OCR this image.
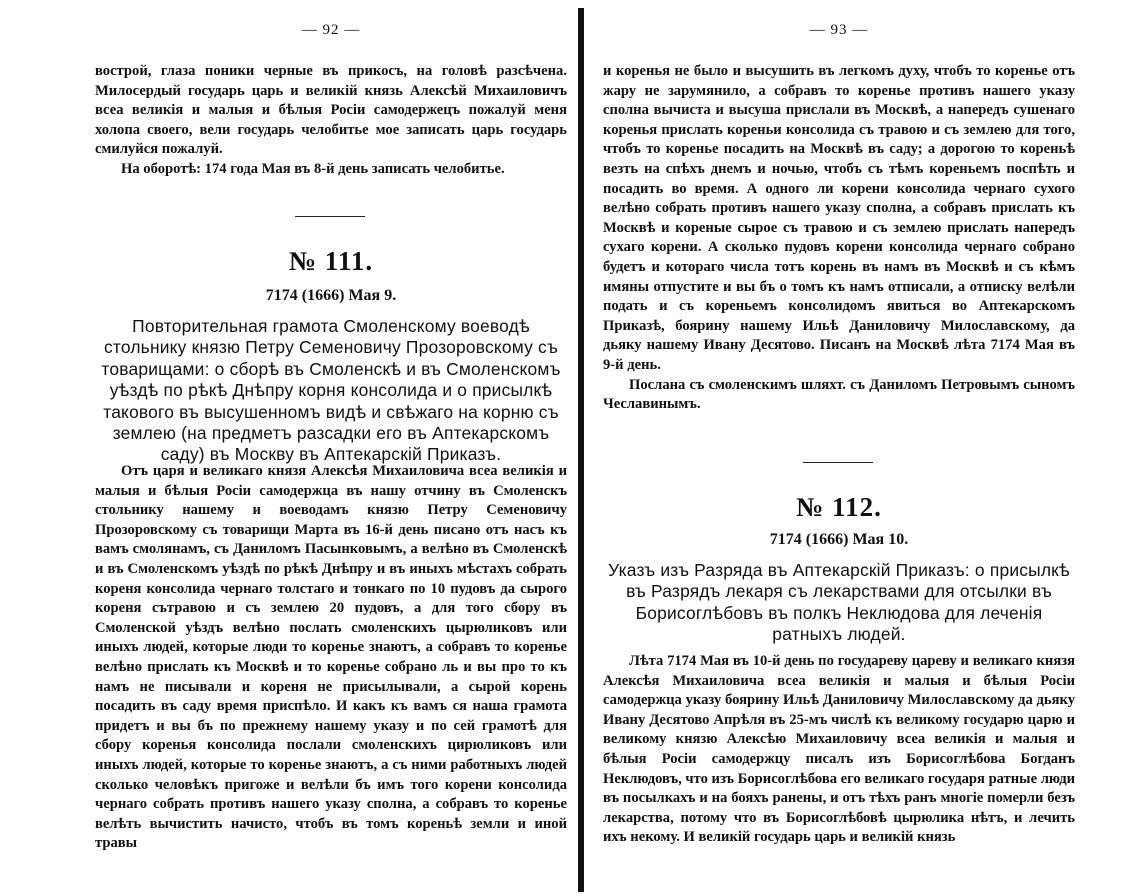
— 92 —

вострой, глаза поники черные въ прикосъ, на головѣ разсѣчена. Милосердый государь царь и великій князь Алексѣй Михаиловичъ всеа великія и малыя и бѣлыя Росіи самодержецъ пожалуй меня холопа своего, вели государь челобитье мое записать царь государь смилуйся пожалуй.

На оборотѣ: 174 года Мая въ 8-й день записать челобитье.

№ 111.

7174 (1666) Мая 9.

Повторительная грамота Смоленскому воеводѣ стольнику князю Петру Семеновичу Прозоровскому съ товарищами: о сборѣ въ Смоленскѣ и въ Смоленскомъ уѣздѣ по рѣкѣ Днѣпру корня консолида и о присылкѣ такового въ высушенномъ видѣ и свѣжаго на корню съ землею (на предметъ разсадки его въ Аптекарскомъ саду) въ Москву въ Аптекарскій Приказъ.

Отъ царя и великаго князя Алексѣя Михаиловича всеа великія и малыя и бѣлыя Росіи самодержца въ нашу отчину въ Смоленскъ стольнику нашему и воеводамъ князю Петру Семеновичу Прозоровскому съ товарищи Марта въ 16-й день писано отъ насъ къ вамъ смолянамъ, съ Даниломъ Пасынковымъ, а велѣно въ Смоленскѣ и въ Смоленскомъ уѣздѣ по рѣкѣ Днѣпру и въ иныхъ мѣстахъ собрать кореня консолида чернаго толстаго и тонкаго по 10 пудовъ да сырого кореня сътравою и съ землею 20 пудовъ, а для того сбору въ Смоленской уѣздъ велѣно послать смоленскихъ цырюликовъ или иныхъ людей, которые люди то коренье знаютъ, а собравъ то коренье велѣно прислать къ Москвѣ и то коренье собрано ль и вы про то къ намъ не писывали и кореня не присылывали, а сырой корень посадить въ саду время приспѣло. И какъ къ вамъ ся наша грамота придетъ и вы бъ по прежнему нашему указу и по сей грамотѣ для сбору коренья консолида послали смоленскихъ цирюликовъ или иныхъ людей, которые то коренье знаютъ, а съ ними работныхъ людей сколько человѣкъ пригоже и велѣли бъ имъ того корени консолида чернаго собрать противъ нашего указу сполна, а собравъ то коренье велѣть вычистить начисто, чтобъ въ томъ кореньѣ земли и иной травы

— 93 —

и коренья не было и высушить въ легкомъ духу, чтобъ то коренье отъ жару не зарумянило, а собравъ то коренье противъ нашего указу сполна вычиста и высуша прислали въ Москвѣ, а напередъ сушенаго коренья прислать кореньи консолида съ травою и съ землею для того, чтобъ то коренье посадить на Москвѣ въ саду; а дорогою то кореньѣ везть на спѣхъ днемъ и ночью, чтобъ съ тѣмъ кореньемъ поспѣть и посадить во время. А одного ли корени консолида чернаго сухого велѣно собрать противъ нашего указу сполна, а собравъ прислать къ Москвѣ и кореные сырое съ травою и съ землею прислать напередъ сухаго корени. А сколько пудовъ корени консолида чернаго собрано будетъ и котораго числа тотъ корень въ намъ въ Москвѣ и съ кѣмъ имяны отпустите и вы бъ о томъ къ намъ отписали, а отписку велѣли подать и съ кореньемъ консолидомъ явиться во Аптекарскомъ Приказѣ, боярину нашему Ильѣ Даниловичу Милославскому, да дьяку нашему Ивану Десятово. Писанъ на Москвѣ лѣта 7174 Мая въ 9-й день.

Послана съ смоленскимъ шляхт. съ Даниломъ Петровымъ сыномъ Чеславинымъ.

№ 112.

7174 (1666) Мая 10.

Указъ изъ Разряда въ Аптекарскій Приказъ: о присылкѣ въ Разрядъ лекаря съ лекарствами для отсылки въ Борисоглѣбовъ въ полкъ Неклюдова для леченія ратныхъ людей.

Лѣта 7174 Мая въ 10-й день по государеву цареву и великаго князя Алексѣя Михаиловича всеа великія и малыя и бѣлыя Росіи самодержца указу боярину Ильѣ Даниловичу Милославскому да дьяку Ивану Десятово Апрѣля въ 25-мъ числѣ къ великому государю царю и великому князю Алексѣю Михаиловичу всеа великія и малыя и бѣлыя Росіи самодержцу писалъ изъ Борисоглѣбова Богданъ Неклюдовъ, что изъ Борисоглѣбова его великаго государя ратные люди въ посылкахъ и на бояхъ ранены, и отъ тѣхъ ранъ многіе померли безъ лекарства, потому что въ Борисоглѣбовѣ цырюлика нѣтъ, и лечить ихъ некому. И великій государь царь и великій князь
